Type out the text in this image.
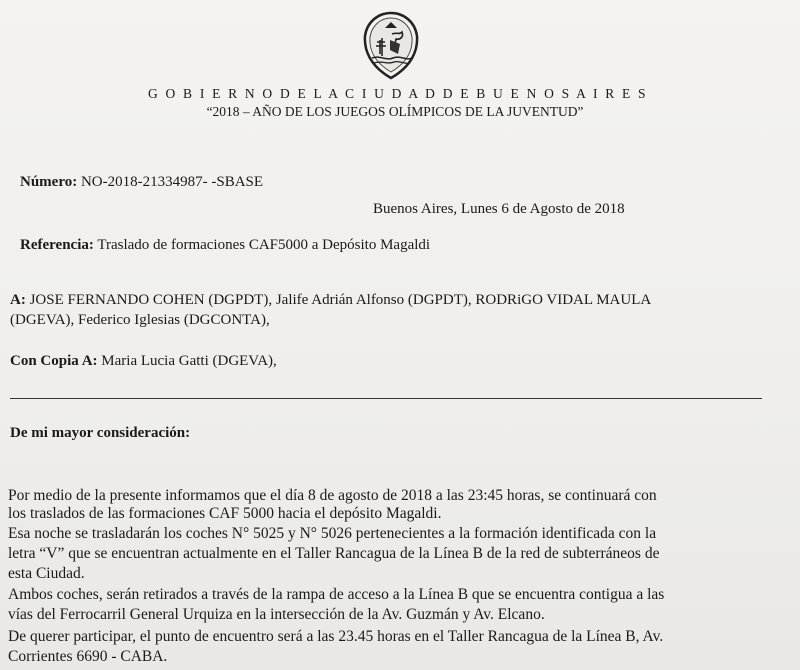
G O B I E R N O D E L A C I U D A D D E B U E N O S A I R E S
“2018 – AÑO DE LOS JUEGOS OLÍMPICOS DE LA JUVENTUD”
Número: NO-2018-21334987- -SBASE
Buenos Aires, Lunes 6 de Agosto de 2018
Referencia: Traslado de formaciones CAF5000 a Depósito Magaldi
A: JOSE FERNANDO COHEN (DGPDT), Jalife Adrián Alfonso (DGPDT), RODRiGO VIDAL MAULA
(DGEVA), Federico Iglesias (DGCONTA),
Con Copia A: Maria Lucia Gatti (DGEVA),
De mi mayor consideración:
Por medio de la presente informamos que el día 8 de agosto de 2018 a las 23:45 horas, se continuará con
los traslados de las formaciones CAF 5000 hacia el depósito Magaldi.
Esa noche se trasladarán los coches N° 5025 y N° 5026 pertenecientes a la formación identificada con la
letra “V” que se encuentran actualmente en el Taller Rancagua de la Línea B de la red de subterráneos de
esta Ciudad.
Ambos coches, serán retirados a través de la rampa de acceso a la Línea B que se encuentra contigua a las
vías del Ferrocarril General Urquiza en la intersección de la Av. Guzmán y Av. Elcano.
De querer participar, el punto de encuentro será a las 23.45 horas en el Taller Rancagua de la Línea B, Av.
Corrientes 6690 - CABA.
